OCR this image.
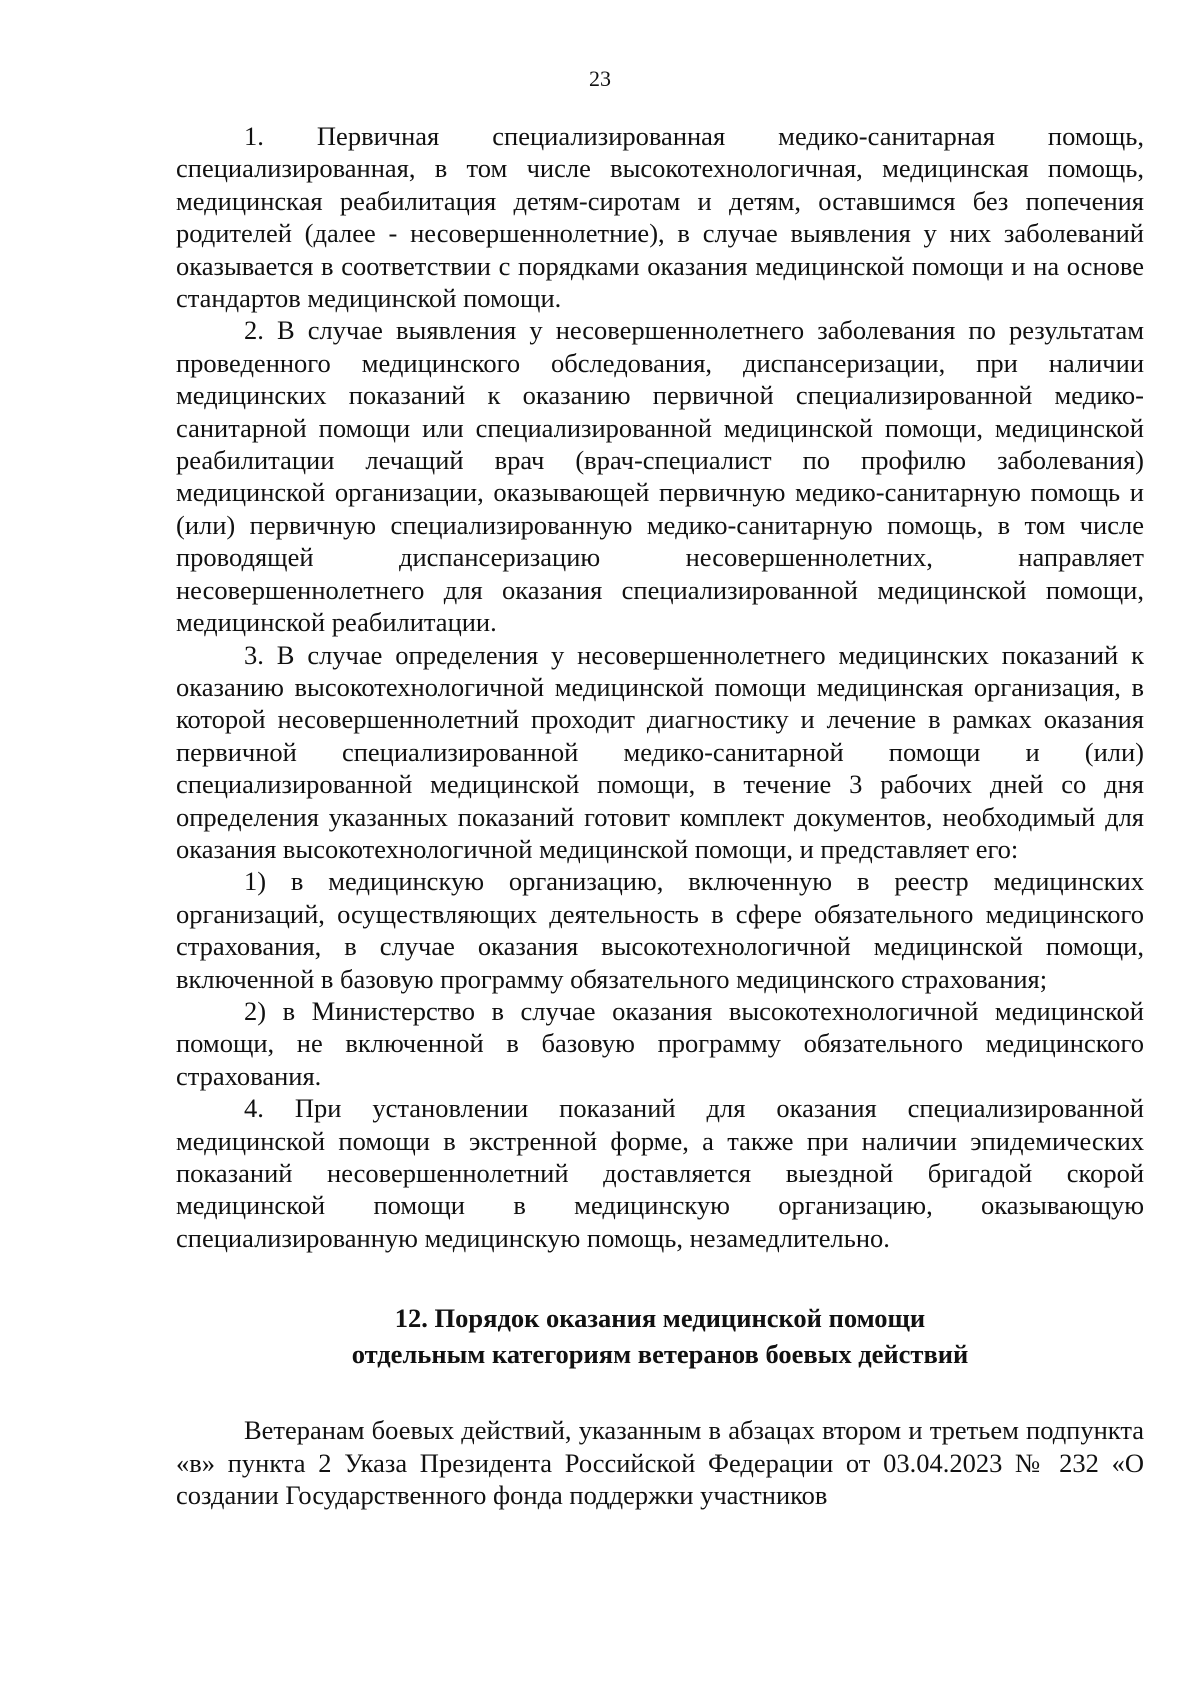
23

1. Первичная специализированная медико-санитарная помощь, специализированная, в том числе высокотехнологичная, медицинская помощь, медицинская реабилитация детям-сиротам и детям, оставшимся без попечения родителей (далее - несовершеннолетние), в случае выявления у них заболеваний оказывается в соответствии с порядками оказания медицинской помощи и на основе стандартов медицинской помощи.

2. В случае выявления у несовершеннолетнего заболевания по результатам проведенного медицинского обследования, диспансеризации, при наличии медицинских показаний к оказанию первичной специализированной медико-санитарной помощи или специализированной медицинской помощи, медицинской реабилитации лечащий врач (врач-специалист по профилю заболевания) медицинской организации, оказывающей первичную медико-санитарную помощь и (или) первичную специализированную медико-санитарную помощь, в том числе проводящей диспансеризацию несовершеннолетних, направляет несовершеннолетнего для оказания специализированной медицинской помощи, медицинской реабилитации.

3. В случае определения у несовершеннолетнего медицинских показаний к оказанию высокотехнологичной медицинской помощи медицинская организация, в которой несовершеннолетний проходит диагностику и лечение в рамках оказания первичной специализированной медико-санитарной помощи и (или) специализированной медицинской помощи, в течение 3 рабочих дней со дня определения указанных показаний готовит комплект документов, необходимый для оказания высокотехнологичной медицинской помощи, и представляет его:

1) в медицинскую организацию, включенную в реестр медицинских организаций, осуществляющих деятельность в сфере обязательного медицинского страхования, в случае оказания высокотехнологичной медицинской помощи, включенной в базовую программу обязательного медицинского страхования;

2) в Министерство в случае оказания высокотехнологичной медицинской помощи, не включенной в базовую программу обязательного медицинского страхования.

4. При установлении показаний для оказания специализированной медицинской помощи в экстренной форме, а также при наличии эпидемических показаний несовершеннолетний доставляется выездной бригадой скорой медицинской помощи в медицинскую организацию, оказывающую специализированную медицинскую помощь, незамедлительно.

12. Порядок оказания медицинской помощи
отдельным категориям ветеранов боевых действий

Ветеранам боевых действий, указанным в абзацах втором и третьем подпункта «в» пункта 2 Указа Президента Российской Федерации от 03.04.2023 № 232 «О создании Государственного фонда поддержки участников
